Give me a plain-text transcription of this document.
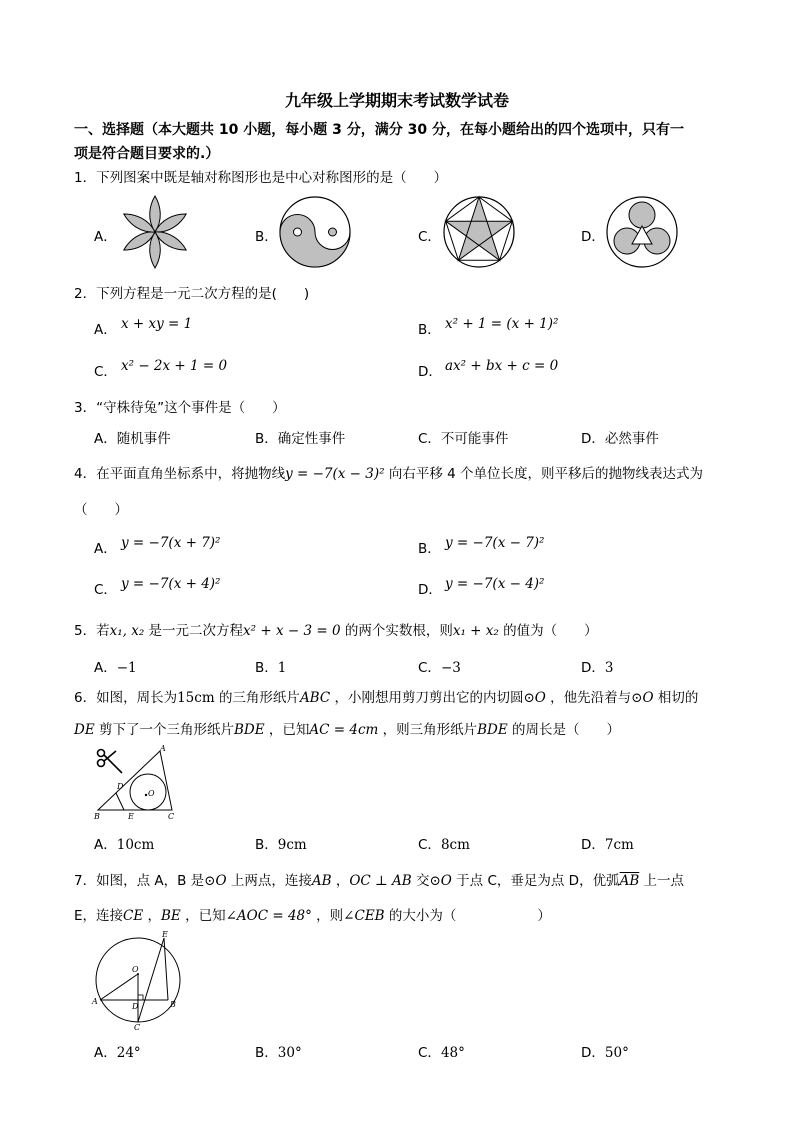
九年级上学期期末考试数学试卷
一、选择题（本大题共 10 小题，每小题 3 分，满分 30 分，在每小题给出的四个选项中，只有一
项是符合题目要求的.）
1．下列图案中既是轴对称图形也是中心对称图形的是（　　）
A．	B．	C．	D．
2．下列方程是一元二次方程的是(　　)
A． x + xy = 1	B． x² + 1 = (x + 1)²
C． x² − 2x + 1 = 0	D． ax² + bx + c = 0
3．“守株待兔”这个事件是（　　）
A．随机事件	B．确定性事件	C．不可能事件	D．必然事件
4．在平面直角坐标系中，将抛物线y = −7(x − 3)² 向右平移 4 个单位长度，则平移后的抛物线表达式为
（　　）
A． y = −7(x + 7)²	B． y = −7(x − 7)²
C． y = −7(x + 4)²	D． y = −7(x − 4)²
5．若x₁, x₂ 是一元二次方程x² + x − 3 = 0 的两个实数根，则x₁ + x₂ 的值为（　　）
A．−1	B．1	C．−3	D．3
6．如图，周长为15cm 的三角形纸片ABC ，小刚想用剪刀剪出它的内切圆⊙O ，他先沿着与⊙O 相切的
DE 剪下了一个三角形纸片BDE ，已知AC = 4cm ，则三角形纸片BDE 的周长是（　　）
A
D
O
B	E	C
A．10cm	B．9cm	C．8cm	D．7cm
7．如图，点 A，B 是⊙O 上两点，连接AB ，OC ⊥ AB 交⊙O 于点 C，垂足为点 D，优弧$\overline{AB}$ 上一点
E，连接CE ，BE ，已知∠AOC = 48° ，则∠CEB 的大小为（　　　　　　）
E
O
A
D	B
C
A．24°	B．30°	C．48°	D．50°
